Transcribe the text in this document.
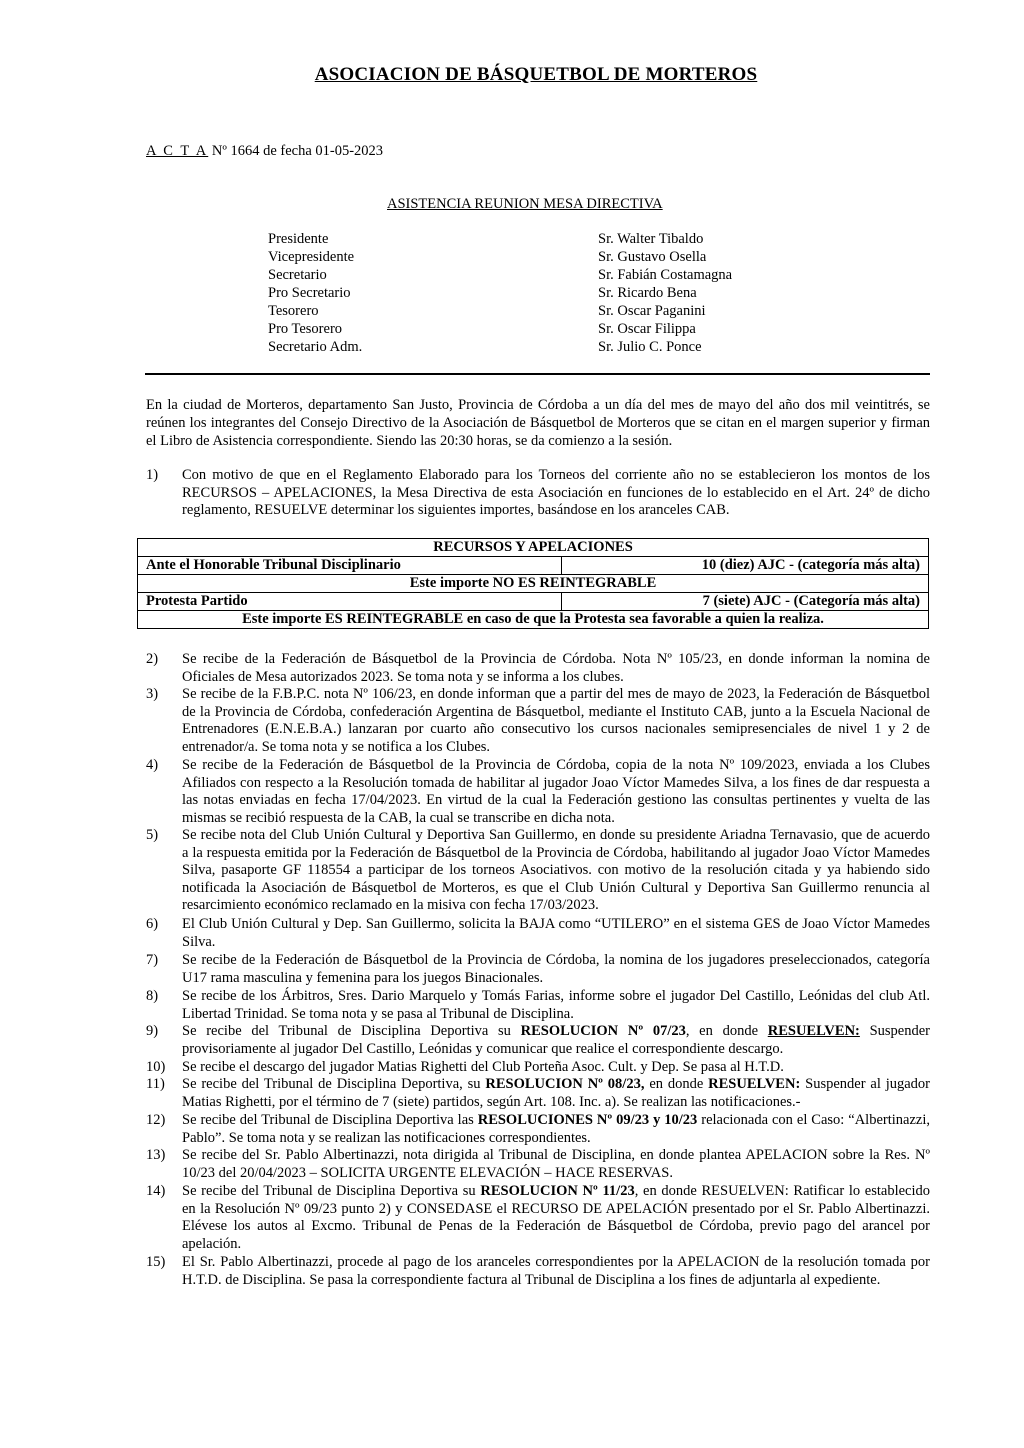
ASOCIACION DE BÁSQUETBOL DE MORTEROS
A C T A Nº 1664 de fecha 01-05-2023
ASISTENCIA REUNION MESA DIRECTIVA
Presidente	Sr. Walter Tibaldo
Vicepresidente	Sr. Gustavo Osella
Secretario	Sr. Fabián Costamagna
Pro Secretario	Sr. Ricardo Bena
Tesorero	Sr. Oscar Paganini
Pro Tesorero	Sr. Oscar Filippa
Secretario Adm.	Sr. Julio C. Ponce
En la ciudad de Morteros, departamento San Justo, Provincia de Córdoba a un día del mes de mayo del año dos mil veintitrés, se reúnen los integrantes del Consejo Directivo de la Asociación de Básquetbol de Morteros que se citan en el margen superior y firman el Libro de Asistencia correspondiente. Siendo las 20:30 horas, se da comienzo a la sesión.
1)	Con motivo de que en el Reglamento Elaborado para los Torneos del corriente año no se establecieron los montos de los RECURSOS – APELACIONES, la Mesa Directiva de esta Asociación en funciones de lo establecido en el Art. 24º de dicho reglamento, RESUELVE determinar los siguientes importes, basándose en los aranceles CAB.
RECURSOS Y APELACIONES	
Ante el Honorable Tribunal Disciplinario	10 (diez) AJC - (categoría más alta)
Este importe NO ES REINTEGRABLE	
Protesta Partido	7 (siete) AJC - (Categoría más alta)
Este importe ES REINTEGRABLE en caso de que la Protesta sea favorable a quien la realiza.	
2)	Se recibe de la Federación de Básquetbol de la Provincia de Córdoba. Nota Nº 105/23, en donde informan la nomina de Oficiales de Mesa autorizados 2023. Se toma nota y se informa a los clubes.
3)	Se recibe de la F.B.P.C. nota Nº 106/23, en donde informan que a partir del mes de mayo de 2023, la Federación de Básquetbol de la Provincia de Córdoba, confederación Argentina de Básquetbol, mediante el Instituto CAB, junto a la Escuela Nacional de Entrenadores (E.N.E.B.A.) lanzaran por cuarto año consecutivo los cursos nacionales semipresenciales de nivel 1 y 2 de entrenador/a. Se toma nota y se notifica a los Clubes.
4)	Se recibe de la Federación de Básquetbol de la Provincia de Córdoba, copia de la nota Nº 109/2023, enviada a los Clubes Afiliados con respecto a la Resolución tomada de habilitar al jugador Joao Víctor Mamedes Silva, a los fines de dar respuesta a las notas enviadas en fecha 17/04/2023. En virtud de la cual la Federación gestiono las consultas pertinentes y vuelta de las mismas se recibió respuesta de la CAB, la cual se transcribe en dicha nota.
5)	Se recibe nota del Club Unión Cultural y Deportiva San Guillermo, en donde su presidente Ariadna Ternavasio, que de acuerdo a la respuesta emitida por la Federación de Básquetbol de la Provincia de Córdoba, habilitando al jugador Joao Víctor Mamedes Silva, pasaporte GF 118554 a participar de los torneos Asociativos. con motivo de la resolución citada y ya habiendo sido notificada la Asociación de Básquetbol de Morteros, es que el Club Unión Cultural y Deportiva San Guillermo renuncia al resarcimiento económico reclamado en la misiva con fecha 17/03/2023.
6)	El Club Unión Cultural y Dep. San Guillermo, solicita la BAJA como “UTILERO” en el sistema GES de Joao Víctor Mamedes Silva.
7)	Se recibe de la Federación de Básquetbol de la Provincia de Córdoba, la nomina de los jugadores preseleccionados, categoría U17 rama masculina y femenina para los juegos Binacionales.
8)	Se recibe de los Árbitros, Sres. Dario Marquelo y Tomás Farias, informe sobre el jugador Del Castillo, Leónidas del club Atl. Libertad Trinidad. Se toma nota y se pasa al Tribunal de Disciplina.
9)	Se recibe del Tribunal de Disciplina Deportiva su RESOLUCION Nº 07/23, en donde RESUELVEN: Suspender provisoriamente al jugador Del Castillo, Leónidas y comunicar que realice el correspondiente descargo.
10)	Se recibe el descargo del jugador Matias Righetti del Club Porteña Asoc. Cult. y Dep. Se pasa al H.T.D.
11)	Se recibe del Tribunal de Disciplina Deportiva, su RESOLUCION Nº 08/23, en donde RESUELVEN: Suspender al jugador Matias Righetti, por el término de 7 (siete) partidos, según Art. 108. Inc. a). Se realizan las notificaciones.-
12)	Se recibe del Tribunal de Disciplina Deportiva las RESOLUCIONES Nº 09/23 y 10/23 relacionada con el Caso: “Albertinazzi, Pablo”. Se toma nota y se realizan las notificaciones correspondientes.
13)	Se recibe del Sr. Pablo Albertinazzi, nota dirigida al Tribunal de Disciplina, en donde plantea APELACION sobre la Res. Nº 10/23 del 20/04/2023 – SOLICITA URGENTE ELEVACIÓN – HACE RESERVAS.
14)	Se recibe del Tribunal de Disciplina Deportiva su RESOLUCION Nº 11/23, en donde RESUELVEN: Ratificar lo establecido en la Resolución Nº 09/23 punto 2) y CONSEDASE el RECURSO DE APELACIÓN presentado por el Sr. Pablo Albertinazzi. Elévese los autos al Excmo. Tribunal de Penas de la Federación de Básquetbol de Córdoba, previo pago del arancel por apelación.
15)	El Sr. Pablo Albertinazzi, procede al pago de los aranceles correspondientes por la APELACION de la resolución tomada por H.T.D. de Disciplina. Se pasa la correspondiente factura al Tribunal de Disciplina a los fines de adjuntarla al expediente.
